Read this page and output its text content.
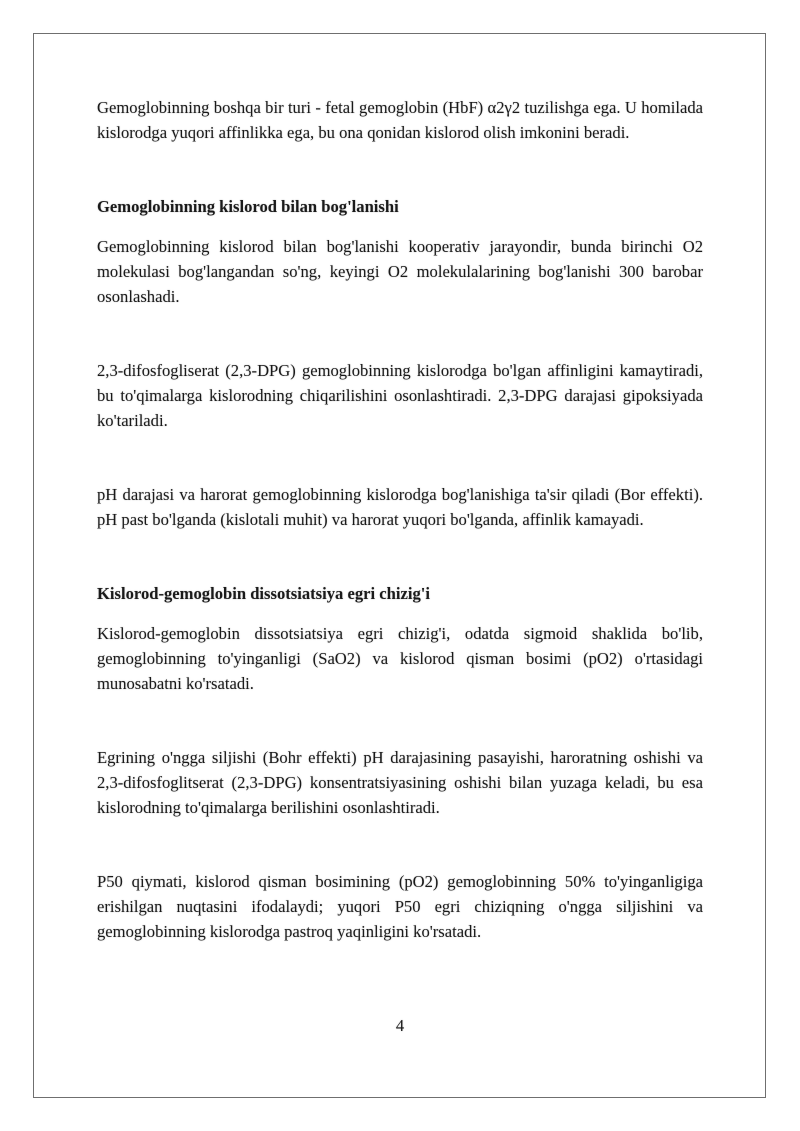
Gemoglobinning boshqa bir turi - fetal gemoglobin (HbF) α2γ2 tuzilishga ega. U homilada kislorodga yuqori affinlikka ega, bu ona qonidan kislorod olish imkonini beradi.

Gemoglobinning kislorod bilan bog'lanishi

Gemoglobinning kislorod bilan bog'lanishi kooperativ jarayondir, bunda birinchi O2 molekulasi bog'langandan so'ng, keyingi O2 molekulalarining bog'lanishi 300 barobar osonlashadi.

2,3-difosfogliserat (2,3-DPG) gemoglobinning kislorodga bo'lgan affinligini kamaytiradi, bu to'qimalarga kislorodning chiqarilishini osonlashtiradi. 2,3-DPG darajasi gipoksiyada ko'tariladi.

pH darajasi va harorat gemoglobinning kislorodga bog'lanishiga ta'sir qiladi (Bor effekti). pH past bo'lganda (kislotali muhit) va harorat yuqori bo'lganda, affinlik kamayadi.

Kislorod-gemoglobin dissotsiatsiya egri chizig'i

Kislorod-gemoglobin dissotsiatsiya egri chizig'i, odatda sigmoid shaklida bo'lib, gemoglobinning to'yinganligi (SaO2) va kislorod qisman bosimi (pO2) o'rtasidagi munosabatni ko'rsatadi.

Egrining o'ngga siljishi (Bohr effekti) pH darajasining pasayishi, haroratning oshishi va 2,3-difosfoglitserat (2,3-DPG) konsentratsiyasining oshishi bilan yuzaga keladi, bu esa kislorodning to'qimalarga berilishini osonlashtiradi.

P50 qiymati, kislorod qisman bosimining (pO2) gemoglobinning 50% to'yinganligiga erishilgan nuqtasini ifodalaydi; yuqori P50 egri chiziqning o'ngga siljishini va gemoglobinning kislorodga pastroq yaqinligini ko'rsatadi.

4
